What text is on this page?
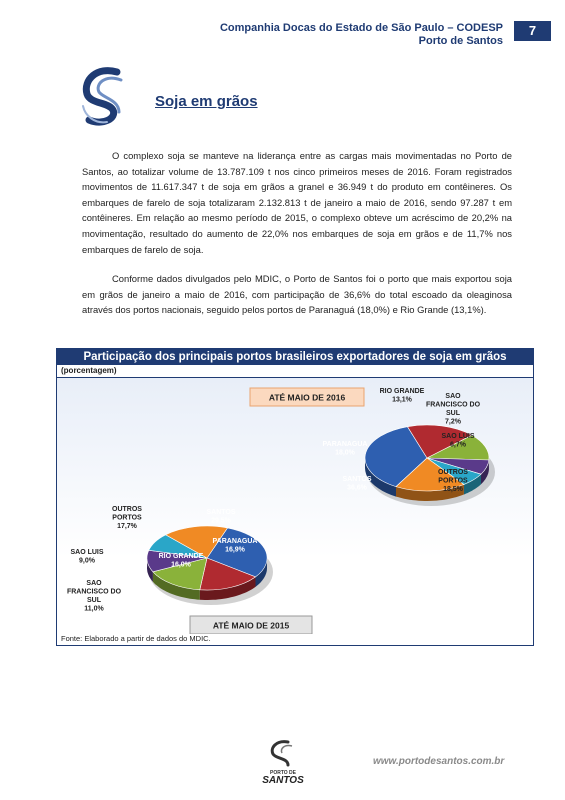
Companhia Docas do Estado de São Paulo – CODESP
Porto de Santos
7
Soja em grãos
O complexo soja se manteve na liderança entre as cargas mais movimentadas no Porto de Santos, ao totalizar volume de 13.787.109 t nos cinco primeiros meses de 2016. Foram registrados movimentos de 11.617.347 t de soja em grãos a granel e 36.949 t do produto em contêineres. Os embarques de farelo de soja totalizaram 2.132.813 t de janeiro a maio de 2016, sendo 97.287 t em contêineres. Em relação ao mesmo período de 2015, o complexo obteve um acréscimo de 20,2% na movimentação, resultado do aumento de 22,0% nos embarques de soja em grãos e de 11,7% nos embarques de farelo de soja.
Conforme dados divulgados pelo MDIC, o Porto de Santos foi o porto que mais exportou soja em grãos de janeiro a maio de 2016, com participação de 36,6% do total escoado da oleaginosa através dos portos nacionais, seguido pelos portos de Paranaguá (18,0%) e Rio Grande (13,1%).
Participação dos principais portos brasileiros exportadores de soja em grãos
(porcentagem)
ATÉ MAIO DE 2016
SANTOS
36,6%
PARANAGUA
18,0%
RIO GRANDE
13,1%	SAO
FRANCISCO DO
SUL
7,2%
SAO LUIS
6,7%
OUTROS
PORTOS
18,5%
ATÉ MAIO DE 2015
SANTOS
29,5%
PARANAGUA
16,9%
RIO GRANDE
16,0%
SAO
FRANCISCO DO
SUL
11,0%
SAO LUIS
9,0%
OUTROS
PORTOS
17,7%
Fonte: Elaborado a partir de dados do MDIC.
PORTO DE
SANTOS
www.portodesantos.com.br
